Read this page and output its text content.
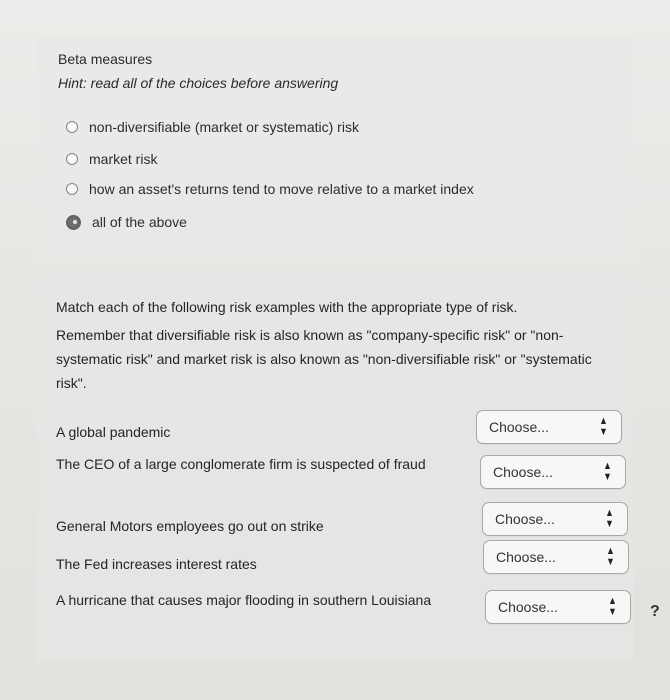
Beta measures
Hint: read all of the choices before answering
non-diversifiable (market or systematic) risk
market risk
how an asset's returns tend to move relative to a market index
all of the above

Match each of the following risk examples with the appropriate type of risk.

Remember that diversifiable risk is also known as "company-specific risk" or "non-systematic risk" and market risk is also known as "non-diversifiable risk" or "systematic risk".

A global pandemic	Choose...	▲
▼
The CEO of a large conglomerate firm is suspected of fraud	Choose...	▲
▼
General Motors employees go out on strike	Choose...	▲
▼
The Fed increases interest rates	Choose...	▲
▼
A hurricane that causes major flooding in southern Louisiana	Choose...	▲
▼ ?
